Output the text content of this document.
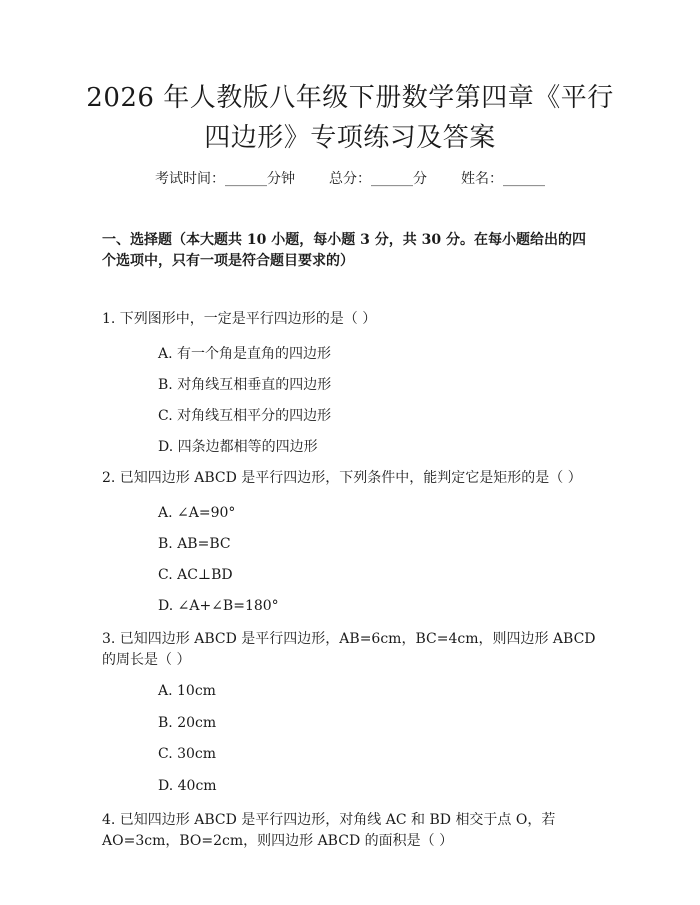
2026 年人教版八年级下册数学第四章《平行
四边形》专项练习及答案
考试时间：______分钟 总分：______分 姓名：______
一、选择题（本大题共 10 小题，每小题 3 分，共 30 分。在每小题给出的四个选项中，只有一项是符合题目要求的）
1. 下列图形中，一定是平行四边形的是（ ）
A. 有一个角是直角的四边形
B. 对角线互相垂直的四边形
C. 对角线互相平分的四边形
D. 四条边都相等的四边形
2. 已知四边形 ABCD 是平行四边形，下列条件中，能判定它是矩形的是（ ）
A. ∠A=90°
B. AB=BC
C. AC⊥BD
D. ∠A+∠B=180°
3. 已知四边形 ABCD 是平行四边形，AB=6cm，BC=4cm，则四边形 ABCD 的周长是（ ）
A. 10cm
B. 20cm
C. 30cm
D. 40cm
4. 已知四边形 ABCD 是平行四边形，对角线 AC 和 BD 相交于点 O，若 AO=3cm，BO=2cm，则四边形 ABCD 的面积是（ ）
